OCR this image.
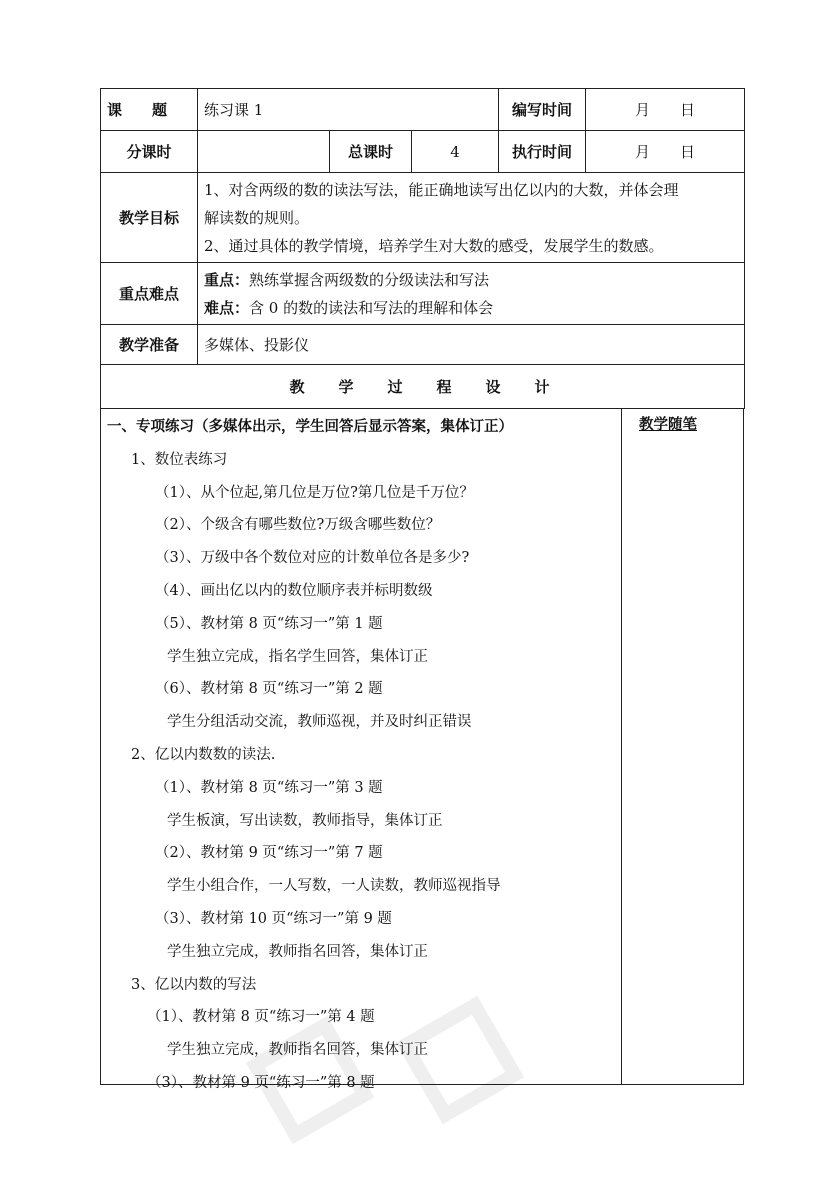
课　　题	练习课 1			编写时间	月　　日
分课时		总课时	4	执行时间	月　　日
教学目标	1、对含两级的数的读法写法，能正确地读写出亿以内的大数，并体会理
解读数的规则。
2、通过具体的教学情境，培养学生对大数的感受，发展学生的数感。				

重点难点	重点：熟练掌握含两级数的分级读法和写法
难点：含 0 的数的读法和写法的理解和体会				

教学准备	多媒体、投影仪				
教学过程设计					
教学随笔
一、专项练习（多媒体出示，学生回答后显示答案，集体订正）
1、数位表练习
（1）、从个位起,第几位是万位?第几位是千万位？
（2）、个级含有哪些数位?万级含哪些数位？
（3）、万级中各个数位对应的计数单位各是多少?
（4）、画出亿以内的数位顺序表并标明数级
（5）、教材第 8 页“练习一”第 1 题
学生独立完成，指名学生回答，集体订正
（6）、教材第 8 页“练习一”第 2 题
学生分组活动交流，教师巡视，并及时纠正错误
2、亿以内数数的读法.
（1）、教材第 8 页“练习一”第 3 题
学生板演，写出读数，教师指导，集体订正
（2）、教材第 9 页“练习一”第 7 题
学生小组合作，一人写数，一人读数，教师巡视指导
（3）、教材第 10 页“练习一”第 9 题
学生独立完成，教师指名回答，集体订正
3、亿以内数的写法
（1）、教材第 8 页“练习一”第 4 题
学生独立完成，教师指名回答，集体订正
（3）、教材第 9 页“练习一”第 8 题
